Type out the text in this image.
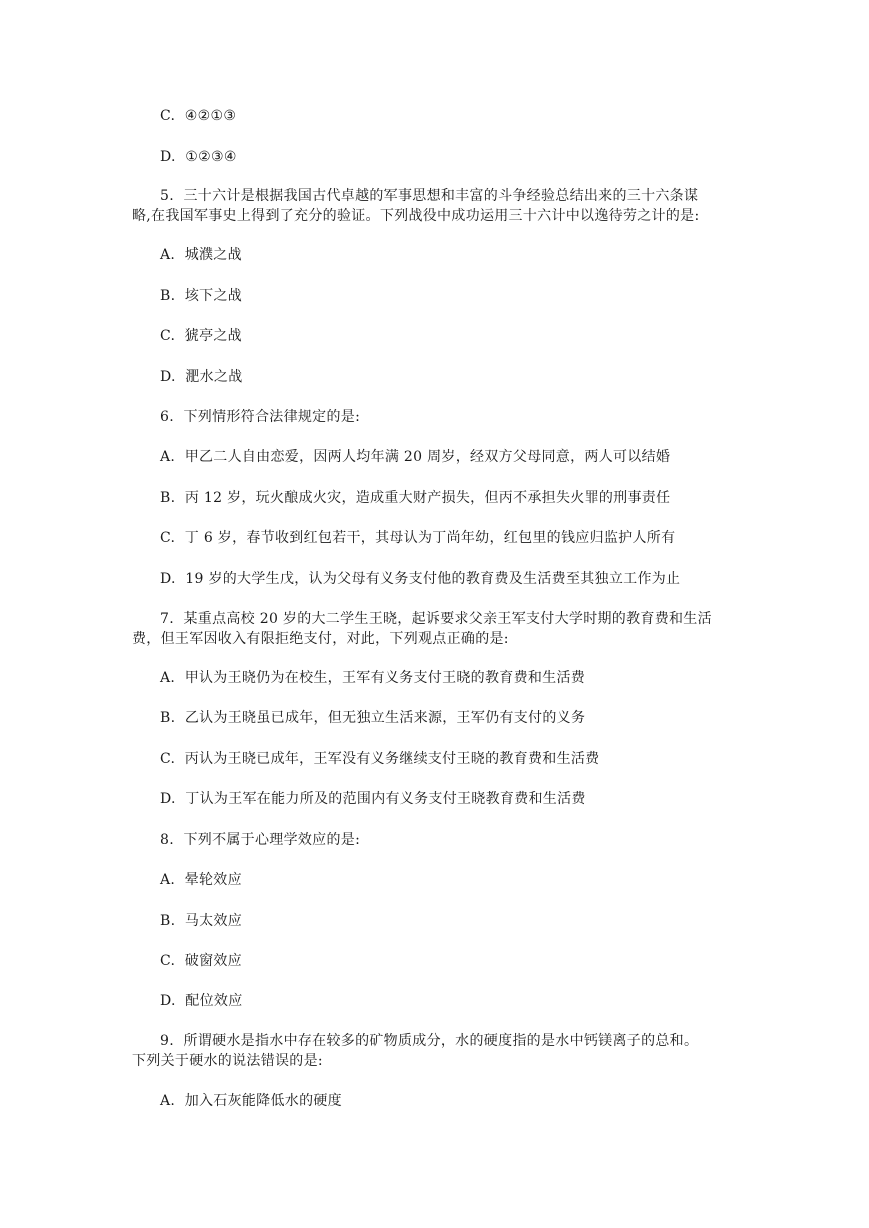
C. ④②①③
D. ①②③④
5. 三十六计是根据我国古代卓越的军事思想和丰富的斗争经验总结出来的三十六条谋
略,在我国军事史上得到了充分的验证。下列战役中成功运用三十六计中以逸待劳之计的是:
A. 城濮之战
B. 垓下之战
C. 猇亭之战
D. 淝水之战
6. 下列情形符合法律规定的是:
A. 甲乙二人自由恋爱，因两人均年满 20 周岁，经双方父母同意，两人可以结婚
B. 丙 12 岁，玩火酿成火灾，造成重大财产损失，但丙不承担失火罪的刑事责任
C. 丁 6 岁，春节收到红包若干，其母认为丁尚年幼，红包里的钱应归监护人所有
D. 19 岁的大学生戊，认为父母有义务支付他的教育费及生活费至其独立工作为止
7. 某重点高校 20 岁的大二学生王晓，起诉要求父亲王军支付大学时期的教育费和生活
费，但王军因收入有限拒绝支付，对此，下列观点正确的是:
A. 甲认为王晓仍为在校生，王军有义务支付王晓的教育费和生活费
B. 乙认为王晓虽已成年，但无独立生活来源，王军仍有支付的义务
C. 丙认为王晓已成年，王军没有义务继续支付王晓的教育费和生活费
D. 丁认为王军在能力所及的范围内有义务支付王晓教育费和生活费
8. 下列不属于心理学效应的是:
A. 晕轮效应
B. 马太效应
C. 破窗效应
D. 配位效应
9. 所谓硬水是指水中存在较多的矿物质成分，水的硬度指的是水中钙镁离子的总和。
下列关于硬水的说法错误的是:
A. 加入石灰能降低水的硬度
